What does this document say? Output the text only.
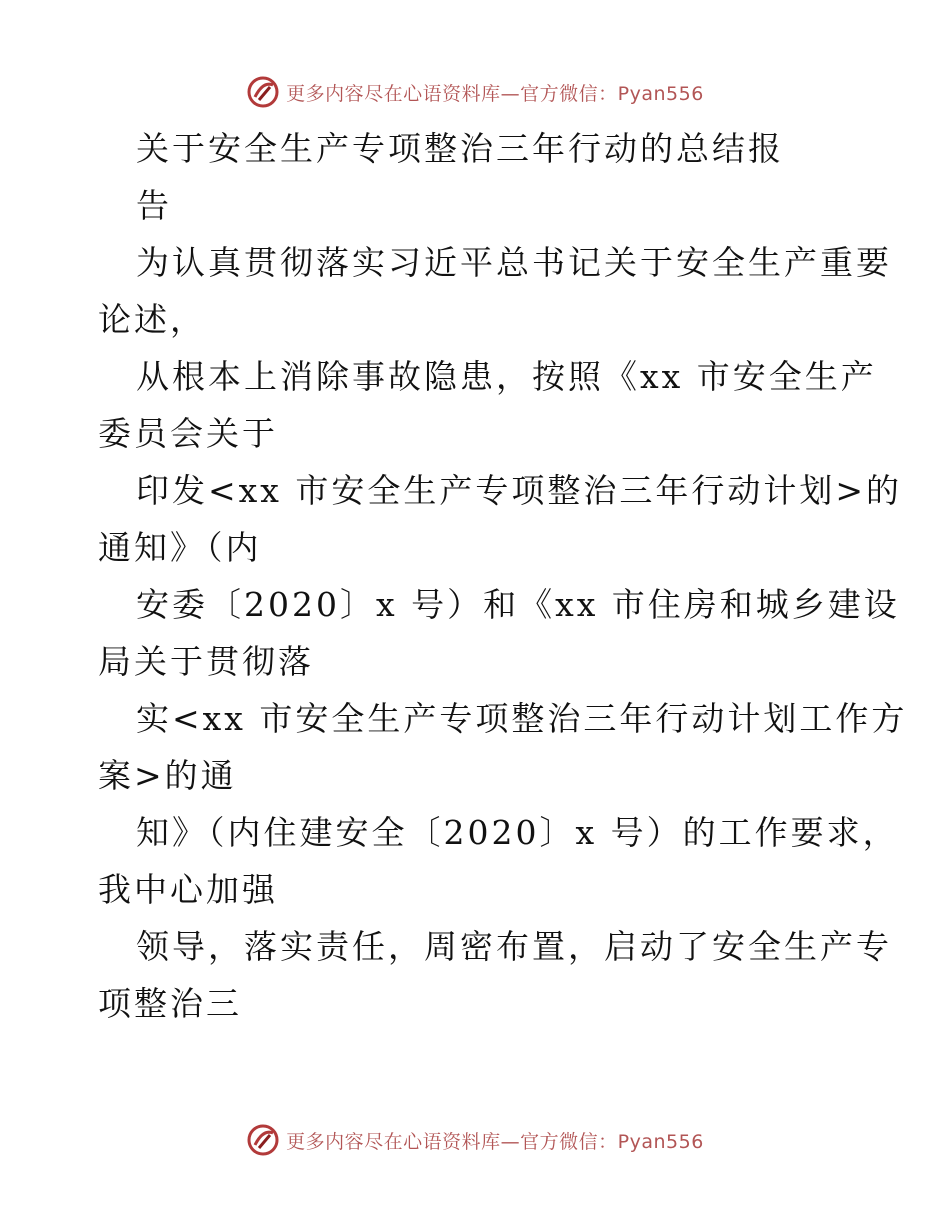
更多内容尽在心语资料库—官方微信：Pyan556
关于安全生产专项整治三年行动的总结报
告
为认真贯彻落实习近平总书记关于安全生产重要
论述，
从根本上消除事故隐患，按照《xx 市安全生产
委员会关于
印发<xx 市安全生产专项整治三年行动计划>的
通知》（内
安委〔2020〕x 号）和《xx 市住房和城乡建设
局关于贯彻落
实<xx 市安全生产专项整治三年行动计划工作方
案>的通
知》（内住建安全〔2020〕x 号）的工作要求，
我中心加强
领导，落实责任，周密布置，启动了安全生产专
项整治三
更多内容尽在心语资料库—官方微信：Pyan556
